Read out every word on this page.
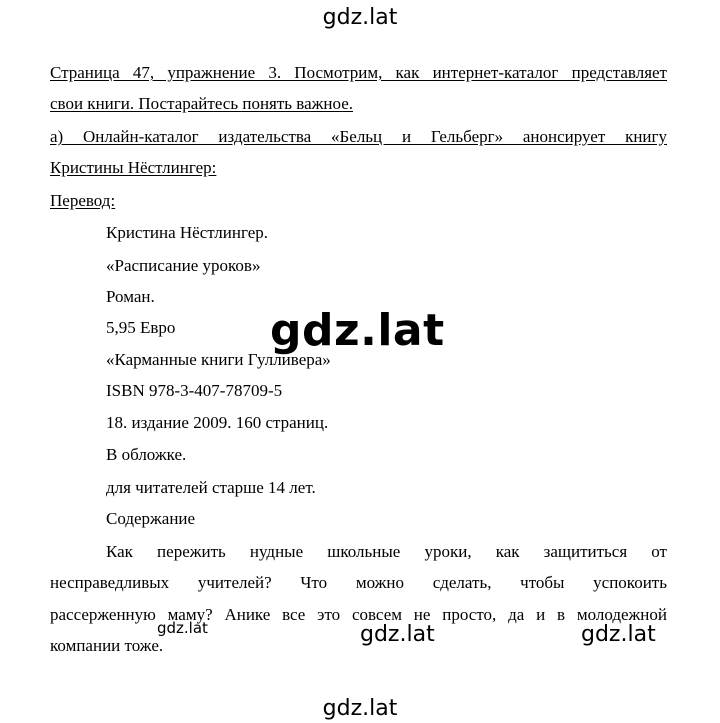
Страница 47, упражнение 3. Посмотрим, как интернет-каталог представляет
свои книги. Постарайтесь понять важное.
а) Онлайн-каталог издательства «Бельц и Гельберг» анонсирует книгу
Кристины Нёстлингер:
Перевод:
Кристина Нёстлингер.
«Расписание уроков»
Роман.
5,95 Евро
«Карманные книги Гулливера»
ISBN 978-3-407-78709-5
18. издание 2009. 160 страниц.
В обложке.
для читателей старше 14 лет.
Содержание
Как пережить нудные школьные уроки, как защититься от
несправедливых учителей? Что можно сделать, чтобы успокоить
рассерженную маму? Анике все это совсем не просто, да и в молодежной
компании тоже.
gdz.lat
gdz.lat
gdz.lat	gdz.lat	gdz.lat
gdz.lat
